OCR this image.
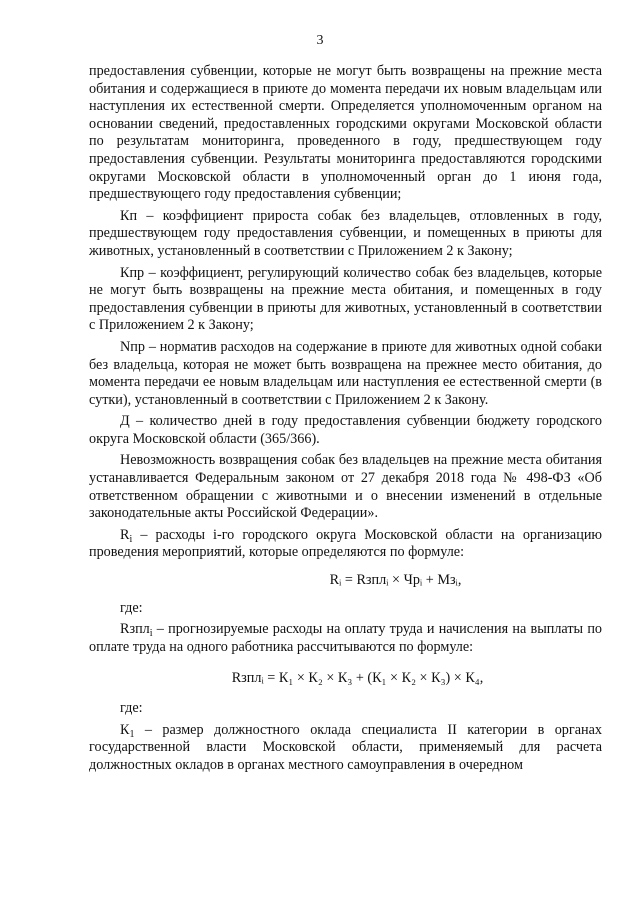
3

предоставления субвенции, которые не могут быть возвращены на прежние места обитания и содержащиеся в приюте до момента передачи их новым владельцам или наступления их естественной смерти. Определяется уполномоченным органом на основании сведений, предоставленных городскими округами Московской области по результатам мониторинга, проведенного в году, предшествующем году предоставления субвенции. Результаты мониторинга предоставляются городскими округами Московской области в уполномоченный орган до 1 июня года, предшествующего году предоставления субвенции;

Кп – коэффициент прироста собак без владельцев, отловленных в году, предшествующем году предоставления субвенции, и помещенных в приюты для животных, установленный в соответствии с Приложением 2 к Закону;

Кпр – коэффициент, регулирующий количество собак без владельцев, которые не могут быть возвращены на прежние места обитания, и помещенных в году предоставления субвенции в приюты для животных, установленный в соответствии с Приложением 2 к Закону;

Nпр – норматив расходов на содержание в приюте для животных одной собаки без владельца, которая не может быть возвращена на прежнее место обитания, до момента передачи ее новым владельцам или наступления ее естественной смерти (в сутки), установленный в соответствии с Приложением 2 к Закону.

Д – количество дней в году предоставления субвенции бюджету городского округа Московской области (365/366).

Невозможность возвращения собак без владельцев на прежние места обитания устанавливается Федеральным законом от 27 декабря 2018 года № 498-ФЗ «Об ответственном обращении с животными и о внесении изменений в отдельные законодательные акты Российской Федерации».

$R_i$ – расходы i-го городского округа Московской области на организацию проведения мероприятий, которые определяются по формуле:

Rᵢ = Rзплᵢ × Чрᵢ + Мзᵢ,

где:

Rзпл$_i$ – прогнозируемые расходы на оплату труда и начисления на выплаты по оплате труда на одного работника рассчитываются по формуле:

Rзплᵢ = К₁ × К₂ × К₃ + (К₁ × К₂ × К₃) × К₄,

где:

$К_1$ – размер должностного оклада специалиста II категории в органах государственной власти Московской области, применяемый для расчета должностных окладов в органах местного самоуправления в очередном
